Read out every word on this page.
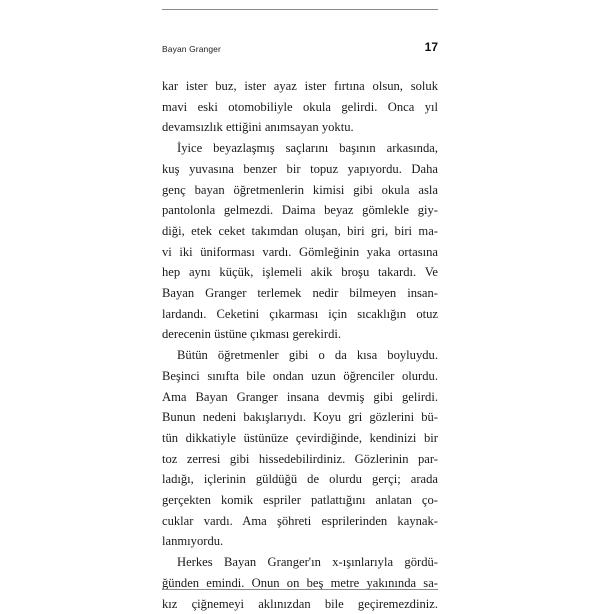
Bayan Granger	17

kar ister buz, ister ayaz ister fırtına olsun, soluk
mavi eski otomobiliyle okula gelirdi. Onca yıl
devamsızlık ettiğini anımsayan yoktu.

İyice beyazlaşmış saçlarını başının arkasında,
kuş yuvasına benzer bir topuz yapıyordu. Daha
genç bayan öğretmenlerin kimisi gibi okula asla
pantolonla gelmezdi. Daima beyaz gömlekle giy-
diği, etek ceket takımdan oluşan, biri gri, biri ma-
vi iki üniforması vardı. Gömleğinin yaka ortasına
hep aynı küçük, işlemeli akik broşu takardı. Ve
Bayan Granger terlemek nedir bilmeyen insan-
lardandı. Ceketini çıkarması için sıcaklığın otuz
derecenin üstüne çıkması gerekirdi.

Bütün öğretmenler gibi o da kısa boyluydu.
Beşinci sınıfta bile ondan uzun öğrenciler olurdu.
Ama Bayan Granger insana devmiş gibi gelirdi.
Bunun nedeni bakışlarıydı. Koyu gri gözlerini bü-
tün dikkatiyle üstünüze çevirdiğinde, kendinizi bir
toz zerresi gibi hissedebilirdiniz. Gözlerinin par-
ladığı, içlerinin güldüğü de olurdu gerçi; arada
gerçekten komik espriler patlattığını anlatan ço-
cuklar vardı. Ama şöhreti esprilerinden kaynak-
lanmıyordu.

Herkes Bayan Granger'ın x-ışınlarıyla gördü-
ğünden emindi. Onun on beş metre yakınında sa-
kız çiğnemeyi aklınızdan bile geçiremezdiniz.
